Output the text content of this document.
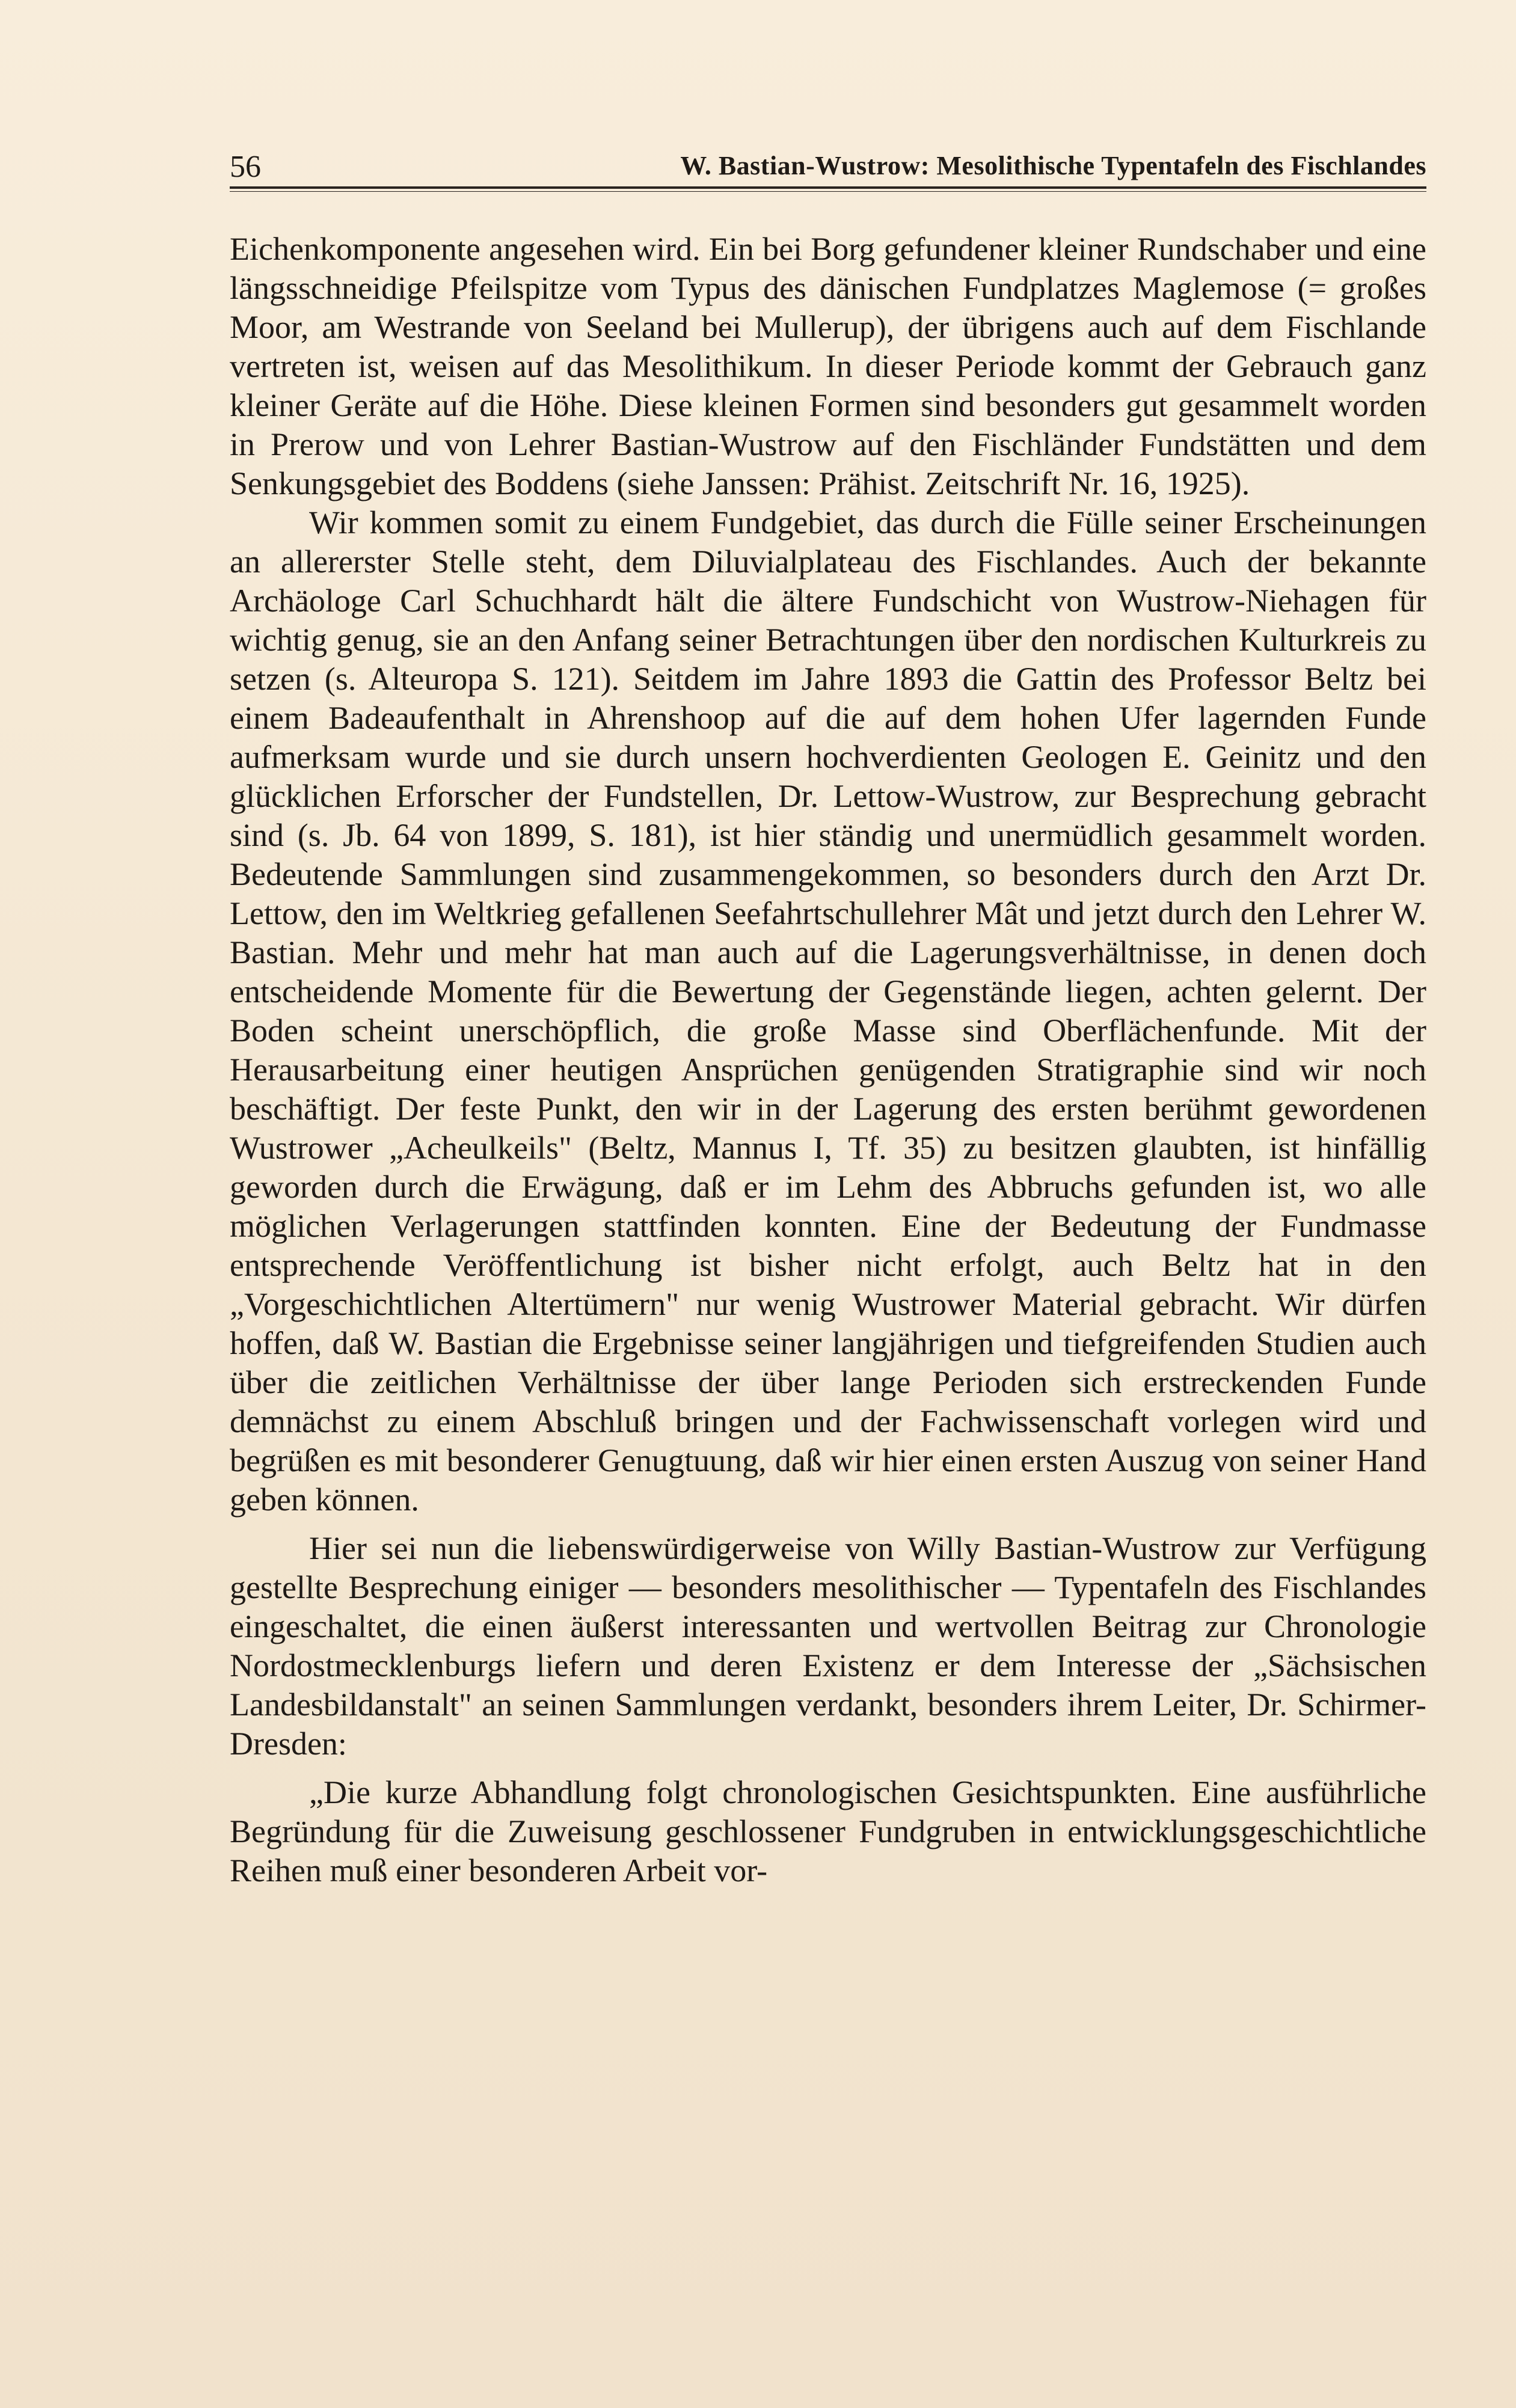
56	W. Bastian-Wustrow: Mesolithische Typentafeln des Fischlandes

Eichenkomponente angesehen wird. Ein bei Borg gefundener kleiner Rundschaber und eine längsschneidige Pfeilspitze vom Typus des dänischen Fundplatzes Maglemose (= großes Moor, am Westrande von Seeland bei Mullerup), der übrigens auch auf dem Fischlande vertreten ist, weisen auf das Mesolithikum. In dieser Periode kommt der Gebrauch ganz kleiner Geräte auf die Höhe. Diese kleinen Formen sind besonders gut gesammelt worden in Prerow und von Lehrer Bastian-Wustrow auf den Fischländer Fundstätten und dem Senkungsgebiet des Boddens (siehe Janssen: Prähist. Zeitschrift Nr. 16, 1925).

Wir kommen somit zu einem Fundgebiet, das durch die Fülle seiner Erscheinungen an allererster Stelle steht, dem Diluvialplateau des Fischlandes. Auch der bekannte Archäologe Carl Schuchhardt hält die ältere Fundschicht von Wustrow-Niehagen für wichtig genug, sie an den Anfang seiner Betrachtungen über den nordischen Kulturkreis zu setzen (s. Alteuropa S. 121). Seitdem im Jahre 1893 die Gattin des Professor Beltz bei einem Badeaufenthalt in Ahrenshoop auf die auf dem hohen Ufer lagernden Funde aufmerksam wurde und sie durch unsern hochverdienten Geologen E. Geinitz und den glücklichen Erforscher der Fundstellen, Dr. Lettow-Wustrow, zur Besprechung gebracht sind (s. Jb. 64 von 1899, S. 181), ist hier ständig und unermüdlich gesammelt worden. Bedeutende Sammlungen sind zusammengekommen, so besonders durch den Arzt Dr. Lettow, den im Weltkrieg gefallenen Seefahrtschullehrer Mât und jetzt durch den Lehrer W. Bastian. Mehr und mehr hat man auch auf die Lagerungsverhältnisse, in denen doch entscheidende Momente für die Bewertung der Gegenstände liegen, achten gelernt. Der Boden scheint unerschöpflich, die große Masse sind Oberflächenfunde. Mit der Herausarbeitung einer heutigen Ansprüchen genügenden Stratigraphie sind wir noch beschäftigt. Der feste Punkt, den wir in der Lagerung des ersten berühmt gewordenen Wustrower „Acheulkeils" (Beltz, Mannus I, Tf. 35) zu besitzen glaubten, ist hinfällig geworden durch die Erwägung, daß er im Lehm des Abbruchs gefunden ist, wo alle möglichen Verlagerungen stattfinden konnten. Eine der Bedeutung der Fundmasse entsprechende Veröffentlichung ist bisher nicht erfolgt, auch Beltz hat in den „Vorgeschichtlichen Altertümern" nur wenig Wustrower Material gebracht. Wir dürfen hoffen, daß W. Bastian die Ergebnisse seiner langjährigen und tiefgreifenden Studien auch über die zeitlichen Verhältnisse der über lange Perioden sich erstreckenden Funde demnächst zu einem Abschluß bringen und der Fachwissenschaft vorlegen wird und begrüßen es mit besonderer Genugtuung, daß wir hier einen ersten Auszug von seiner Hand geben können.

Hier sei nun die liebenswürdigerweise von Willy Bastian-Wustrow zur Verfügung gestellte Besprechung einiger — besonders mesolithischer — Typentafeln des Fischlandes eingeschaltet, die einen äußerst interessanten und wertvollen Beitrag zur Chronologie Nordostmecklenburgs liefern und deren Existenz er dem Interesse der „Sächsischen Landesbildanstalt" an seinen Sammlungen verdankt, besonders ihrem Leiter, Dr. Schirmer-Dresden:

„Die kurze Abhandlung folgt chronologischen Gesichtspunkten. Eine ausführliche Begründung für die Zuweisung geschlossener Fundgruben in entwicklungsgeschichtliche Reihen muß einer besonderen Arbeit vor-
